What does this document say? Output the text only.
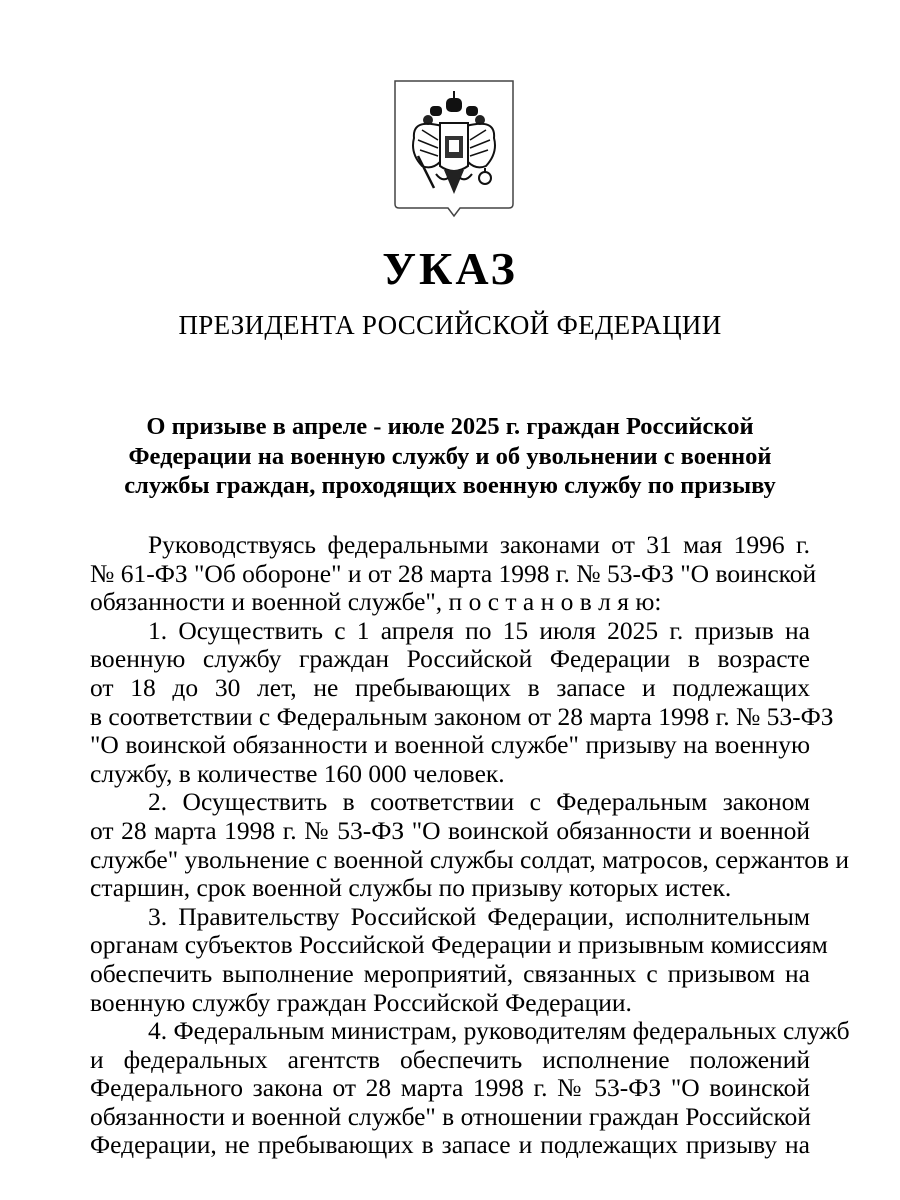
УКАЗ
ПРЕЗИДЕНТА РОССИЙСКОЙ ФЕДЕРАЦИИ
О призыве в апреле - июле 2025 г. граждан Российской
Федерации на военную службу и об увольнении с военной
службы граждан, проходящих военную службу по призыву
Руководствуясь федеральными законами от 31 мая 1996 г.
№ 61-ФЗ "Об обороне" и от 28 марта 1998 г. № 53-ФЗ "О воинской
обязанности и военной службе", п о с т а н о в л я ю:
1. Осуществить с 1 апреля по 15 июля 2025 г. призыв на
военную службу граждан Российской Федерации в возрасте
от 18 до 30 лет, не пребывающих в запасе и подлежащих
в соответствии с Федеральным законом от 28 марта 1998 г. № 53-ФЗ
"О воинской обязанности и военной службе" призыву на военную
службу, в количестве 160 000 человек.
2. Осуществить в соответствии с Федеральным законом
от 28 марта 1998 г. № 53-ФЗ "О воинской обязанности и военной
службе" увольнение с военной службы солдат, матросов, сержантов и
старшин, срок военной службы по призыву которых истек.
3. Правительству Российской Федерации, исполнительным
органам субъектов Российской Федерации и призывным комиссиям
обеспечить выполнение мероприятий, связанных с призывом на
военную службу граждан Российской Федерации.
4. Федеральным министрам, руководителям федеральных служб
и федеральных агентств обеспечить исполнение положений
Федерального закона от 28 марта 1998 г. № 53-ФЗ "О воинской
обязанности и военной службе" в отношении граждан Российской
Федерации, не пребывающих в запасе и подлежащих призыву на
